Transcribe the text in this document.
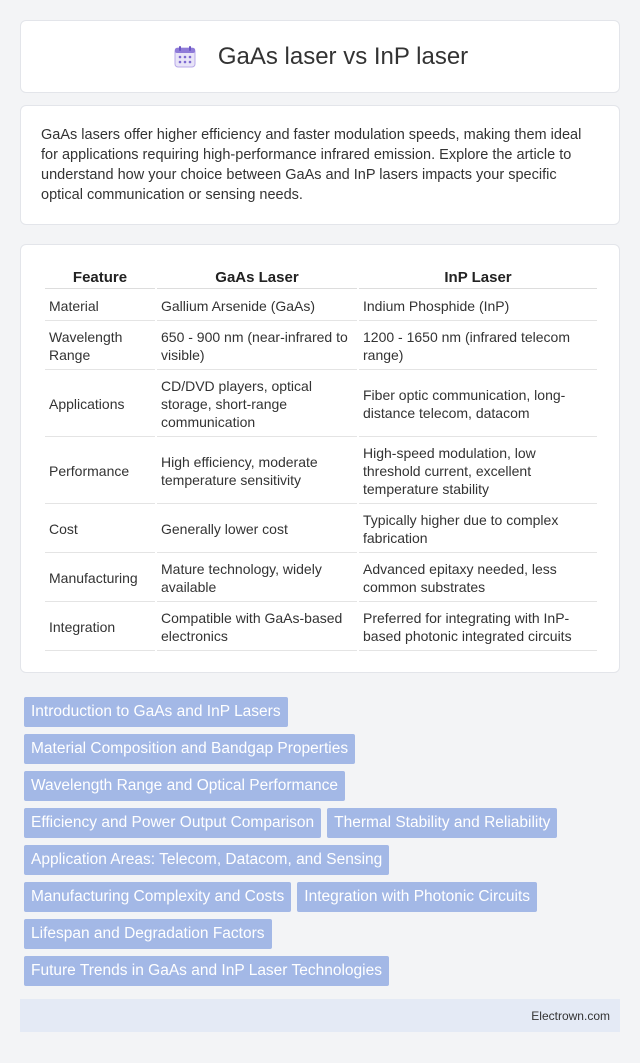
GaAs laser vs InP laser

GaAs lasers offer higher efficiency and faster modulation speeds, making them ideal for applications requiring high-performance infrared emission. Explore the article to understand how your choice between GaAs and InP lasers impacts your specific optical communication or sensing needs.

Feature	GaAs Laser	InP Laser
Material	Gallium Arsenide (GaAs)	Indium Phosphide (InP)
Wavelength Range	650 - 900 nm (near-infrared to visible)	1200 - 1650 nm (infrared telecom range)
Applications	CD/DVD players, optical storage, short-range communication	Fiber optic communication, long-distance telecom, datacom
Performance	High efficiency, moderate temperature sensitivity	High-speed modulation, low threshold current, excellent temperature stability
Cost	Generally lower cost	Typically higher due to complex fabrication
Manufacturing	Mature technology, widely available	Advanced epitaxy needed, less common substrates
Integration	Compatible with GaAs-based electronics	Preferred for integrating with InP-based photonic integrated circuits
Introduction to GaAs and InP Lasers
Material Composition and Bandgap Properties
Wavelength Range and Optical Performance
Efficiency and Power Output Comparison Thermal Stability and Reliability
Application Areas: Telecom, Datacom, and Sensing
Manufacturing Complexity and Costs Integration with Photonic Circuits
Lifespan and Degradation Factors
Future Trends in GaAs and InP Laser Technologies
Electrown.com
